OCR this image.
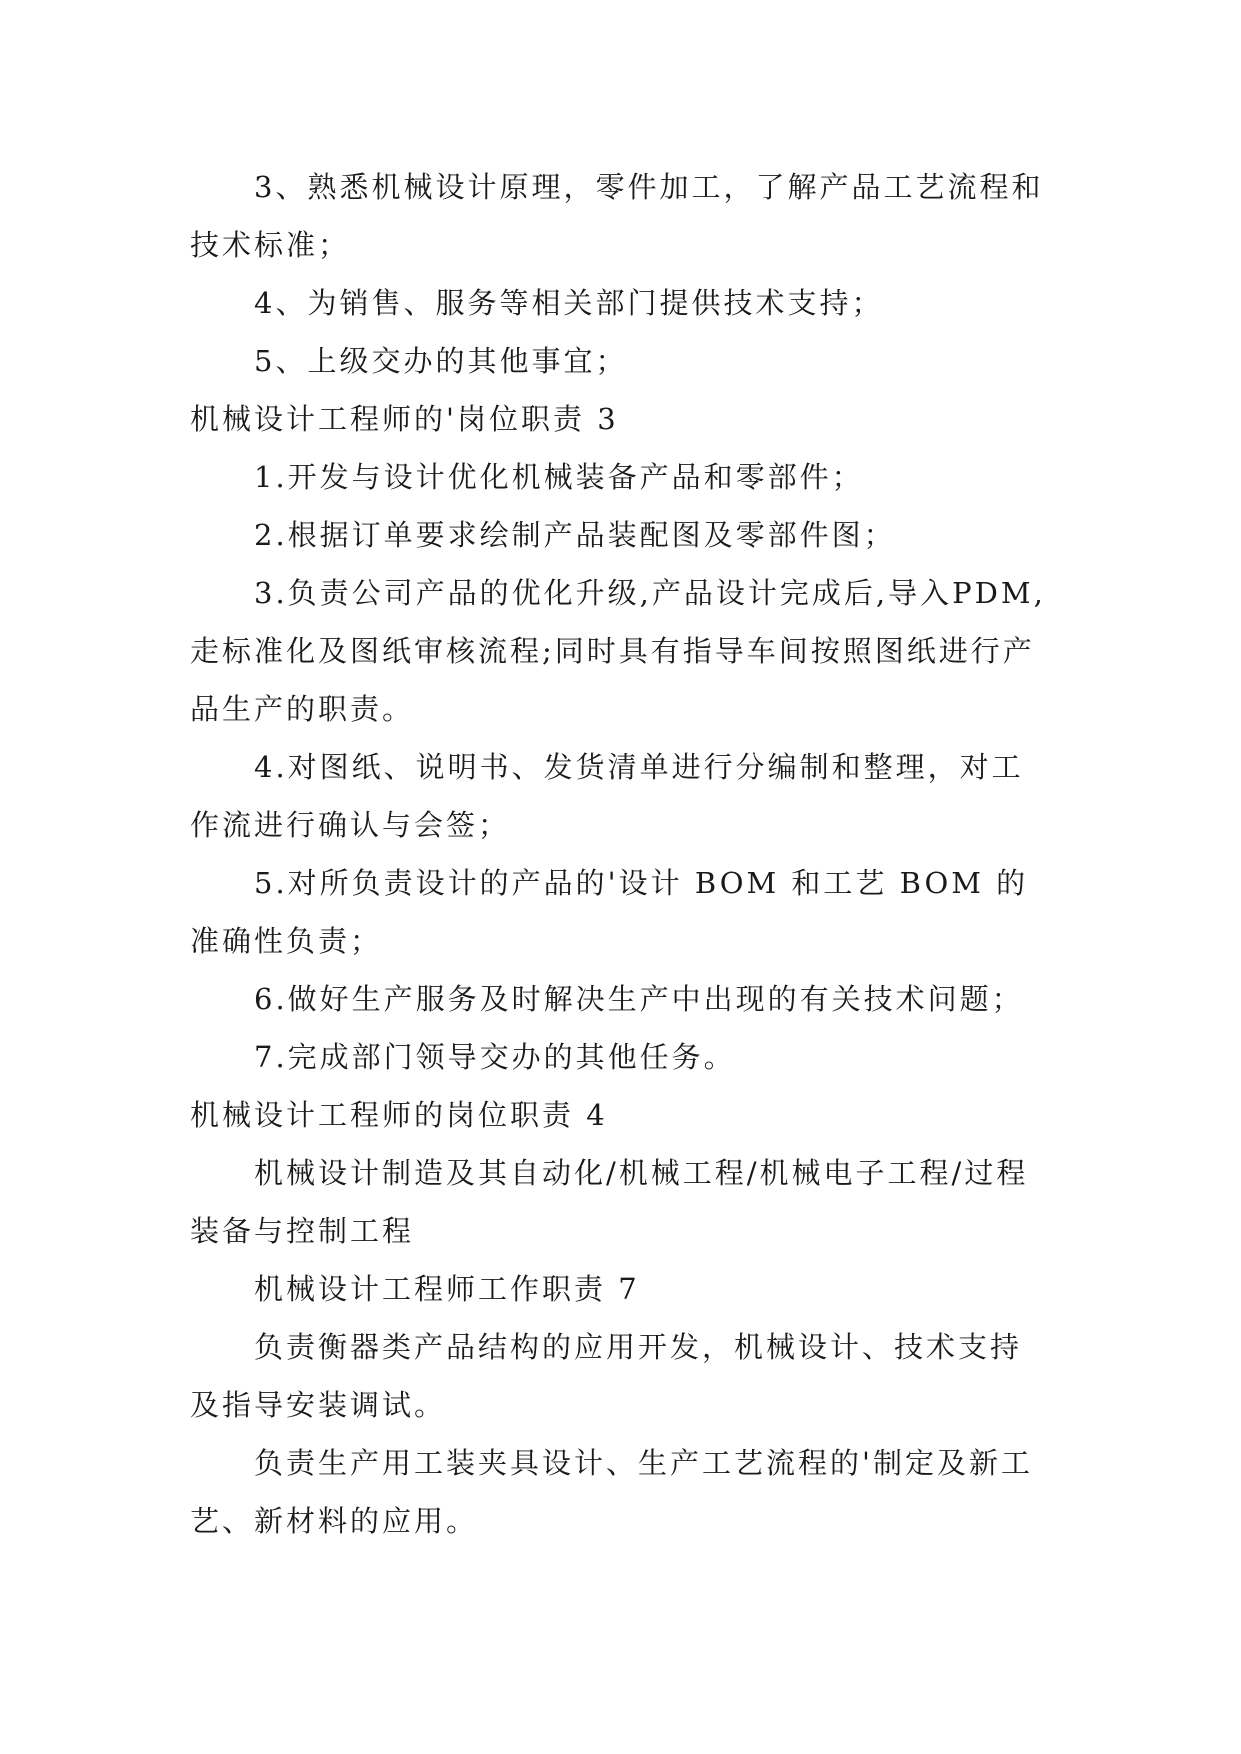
3、熟悉机械设计原理，零件加工，了解产品工艺流程和技术标准；

4、为销售、服务等相关部门提供技术支持；

5、上级交办的其他事宜；

机械设计工程师的'岗位职责 3

1.开发与设计优化机械装备产品和零部件；

2.根据订单要求绘制产品装配图及零部件图；

3.负责公司产品的优化升级,产品设计完成后,导入PDM,走标准化及图纸审核流程;同时具有指导车间按照图纸进行产品生产的职责。

4.对图纸、说明书、发货清单进行分编制和整理，对工作流进行确认与会签；

5.对所负责设计的产品的'设计 BOM 和工艺 BOM 的准确性负责；

6.做好生产服务及时解决生产中出现的有关技术问题；

7.完成部门领导交办的其他任务。

机械设计工程师的岗位职责 4

机械设计制造及其自动化/机械工程/机械电子工程/过程装备与控制工程

机械设计工程师工作职责 7

负责衡器类产品结构的应用开发，机械设计、技术支持及指导安装调试。

负责生产用工装夹具设计、生产工艺流程的'制定及新工艺、新材料的应用。
